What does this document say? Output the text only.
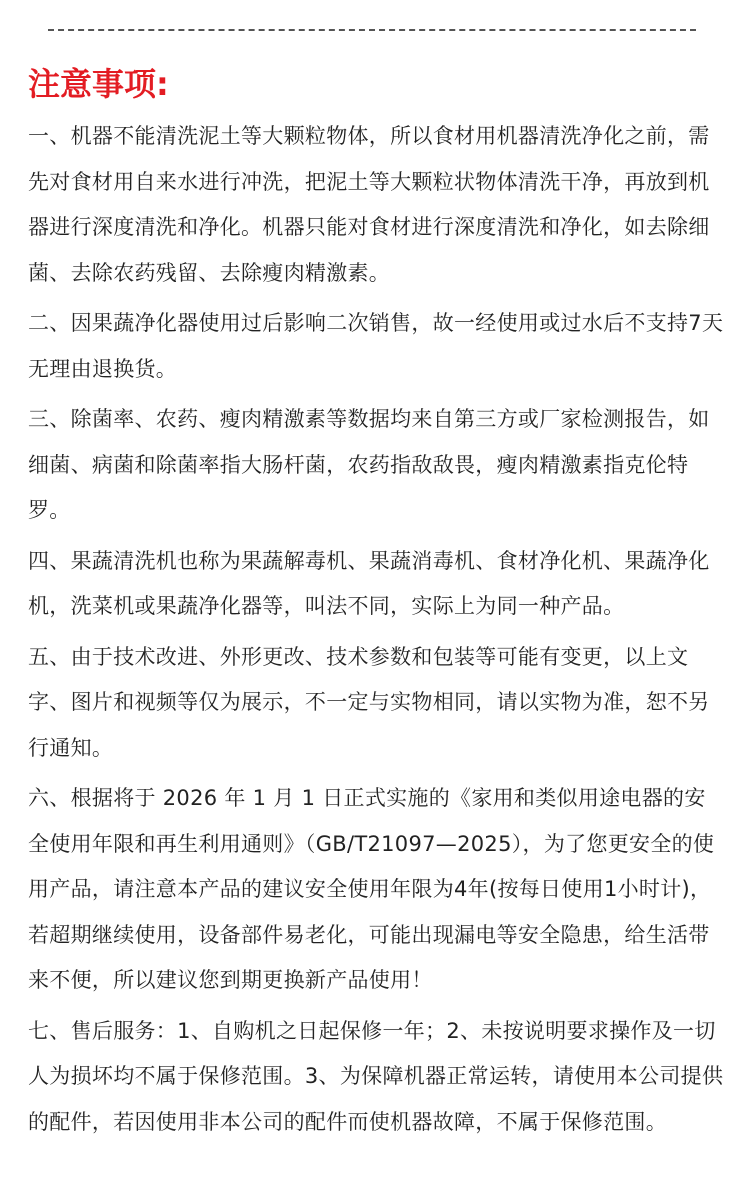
注意事项:

一、机器不能清洗泥土等大颗粒物体，所以食材用机器清洗净化之前，需先对食材用自来水进行冲洗，把泥土等大颗粒状物体清洗干净，再放到机器进行深度清洗和净化。机器只能对食材进行深度清洗和净化，如去除细菌、去除农药残留、去除瘦肉精激素。

二、因果蔬净化器使用过后影响二次销售，故一经使用或过水后不支持7天无理由退换货。

三、除菌率、农药、瘦肉精激素等数据均来自第三方或厂家检测报告，如细菌、病菌和除菌率指大肠杆菌，农药指敌敌畏，瘦肉精激素指克伦特罗。

四、果蔬清洗机也称为果蔬解毒机、果蔬消毒机、食材净化机、果蔬净化机，洗菜机或果蔬净化器等，叫法不同，实际上为同一种产品。

五、由于技术改进、外形更改、技术参数和包装等可能有变更，以上文字、图片和视频等仅为展示，不一定与实物相同，请以实物为准，恕不另行通知。

六、根据将于 2026 年 1 月 1 日正式实施的《家用和类似用途电器的安全使用年限和再生利用通则》（GB/T21097—2025），为了您更安全的使用产品，请注意本产品的建议安全使用年限为4年(按每日使用1小时计)，若超期继续使用，设备部件易老化，可能出现漏电等安全隐患，给生活带来不便，所以建议您到期更换新产品使用！

七、售后服务：1、自购机之日起保修一年；2、未按说明要求操作及一切人为损坏均不属于保修范围。3、为保障机器正常运转，请使用本公司提供的配件，若因使用非本公司的配件而使机器故障，不属于保修范围。
